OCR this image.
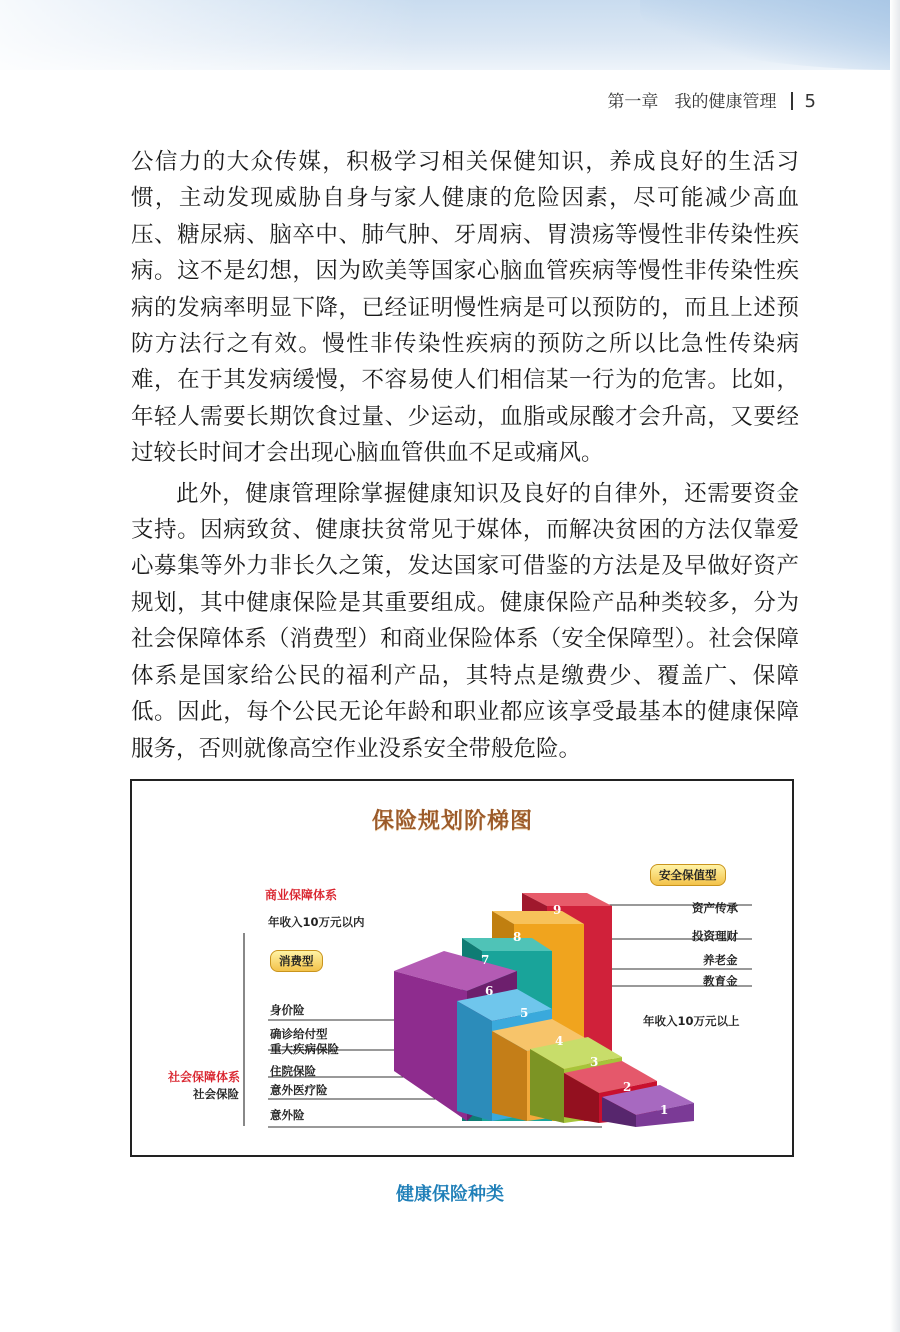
第一章 我的健康管理 5

公信力的大众传媒，积极学习相关保健知识，养成良好的生活习惯，主动发现威胁自身与家人健康的危险因素，尽可能减少高血压、糖尿病、脑卒中、肺气肿、牙周病、胃溃疡等慢性非传染性疾病。这不是幻想，因为欧美等国家心脑血管疾病等慢性非传染性疾病的发病率明显下降，已经证明慢性病是可以预防的，而且上述预防方法行之有效。慢性非传染性疾病的预防之所以比急性传染病难，在于其发病缓慢，不容易使人们相信某一行为的危害。比如，年轻人需要长期饮食过量、少运动，血脂或尿酸才会升高，又要经过较长时间才会出现心脑血管供血不足或痛风。

此外，健康管理除掌握健康知识及良好的自律外，还需要资金支持。因病致贫、健康扶贫常见于媒体，而解决贫困的方法仅靠爱心募集等外力非长久之策，发达国家可借鉴的方法是及早做好资产规划，其中健康保险是其重要组成。健康保险产品种类较多，分为社会保障体系（消费型）和商业保险体系（安全保障型）。社会保障体系是国家给公民的福利产品，其特点是缴费少、覆盖广、保障低。因此，每个公民无论年龄和职业都应该享受最基本的健康保障服务，否则就像高空作业没系安全带般危险。

保险规划阶梯图
9
8
7
6
5
4
3
2
1
商业保障体系
年收入10万元以内
消费型
身价险
确诊给付型
重大疾病保险
住院保险
意外医疗险
意外险
社会保障体系
社会保险
安全保值型
资产传承
投资理财
养老金
教育金
年收入10万元以上
健康保险种类
